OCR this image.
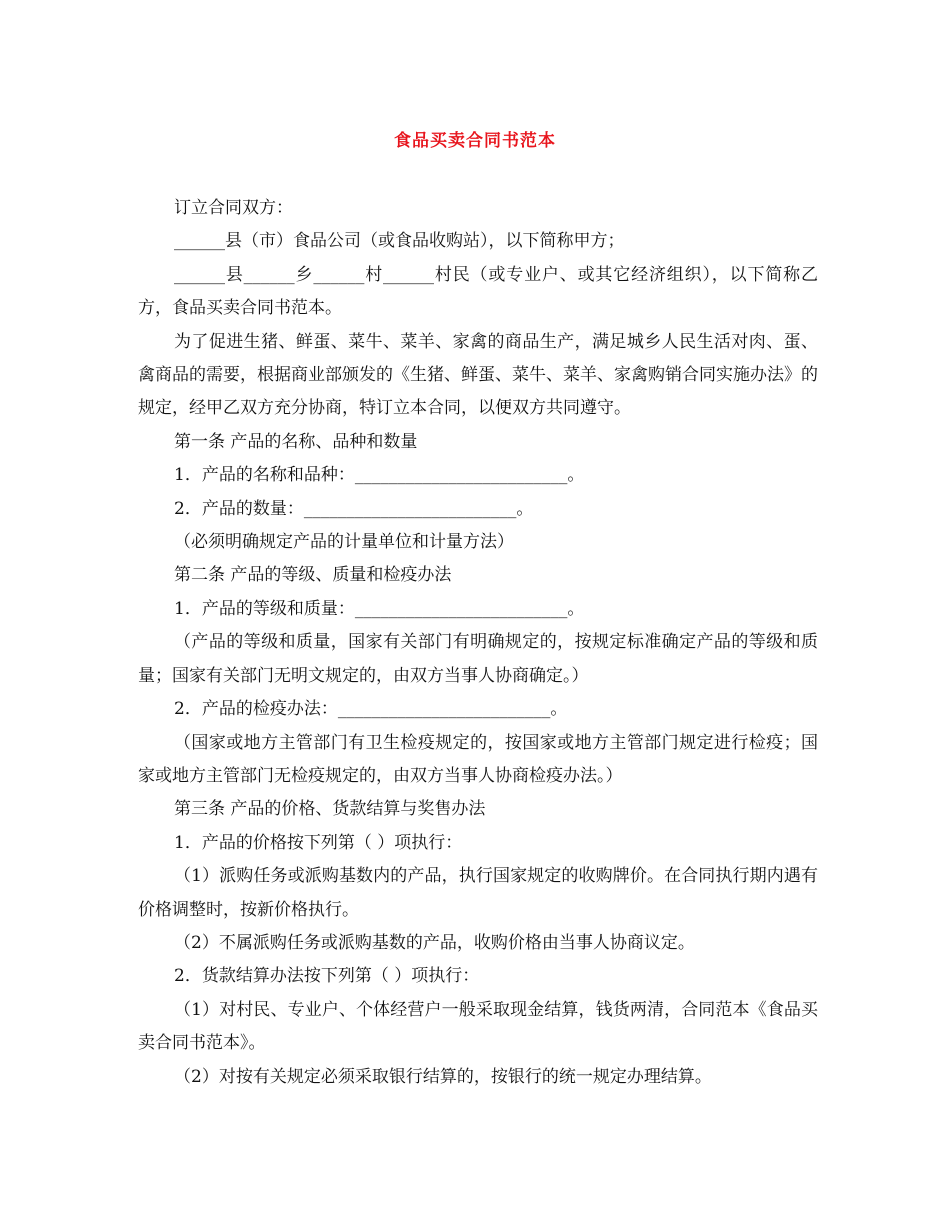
食品买卖合同书范本

订立合同双方：

______县（市）食品公司（或食品收购站），以下简称甲方；

______县______乡______村______村民（或专业户、或其它经济组织），以下简称乙方，食品买卖合同书范本。

为了促进生猪、鲜蛋、菜牛、菜羊、家禽的商品生产，满足城乡人民生活对肉、蛋、禽商品的需要，根据商业部颁发的《生猪、鲜蛋、菜牛、菜羊、家禽购销合同实施办法》的规定，经甲乙双方充分协商，特订立本合同，以便双方共同遵守。

第一条 产品的名称、品种和数量

1．产品的名称和品种：_________________________。

2．产品的数量：_________________________。

（必须明确规定产品的计量单位和计量方法）

第二条 产品的等级、质量和检疫办法

1．产品的等级和质量：_________________________。

（产品的等级和质量，国家有关部门有明确规定的，按规定标准确定产品的等级和质量；国家有关部门无明文规定的，由双方当事人协商确定。）

2．产品的检疫办法：_________________________。

（国家或地方主管部门有卫生检疫规定的，按国家或地方主管部门规定进行检疫；国家或地方主管部门无检疫规定的，由双方当事人协商检疫办法。）

第三条 产品的价格、货款结算与奖售办法

1．产品的价格按下列第（ ）项执行：

（1）派购任务或派购基数内的产品，执行国家规定的收购牌价。在合同执行期内遇有价格调整时，按新价格执行。

（2）不属派购任务或派购基数的产品，收购价格由当事人协商议定。

2．货款结算办法按下列第（ ）项执行：

（1）对村民、专业户、个体经营户一般采取现金结算，钱货两清，合同范本《食品买卖合同书范本》。

（2）对按有关规定必须采取银行结算的，按银行的统一规定办理结算。
